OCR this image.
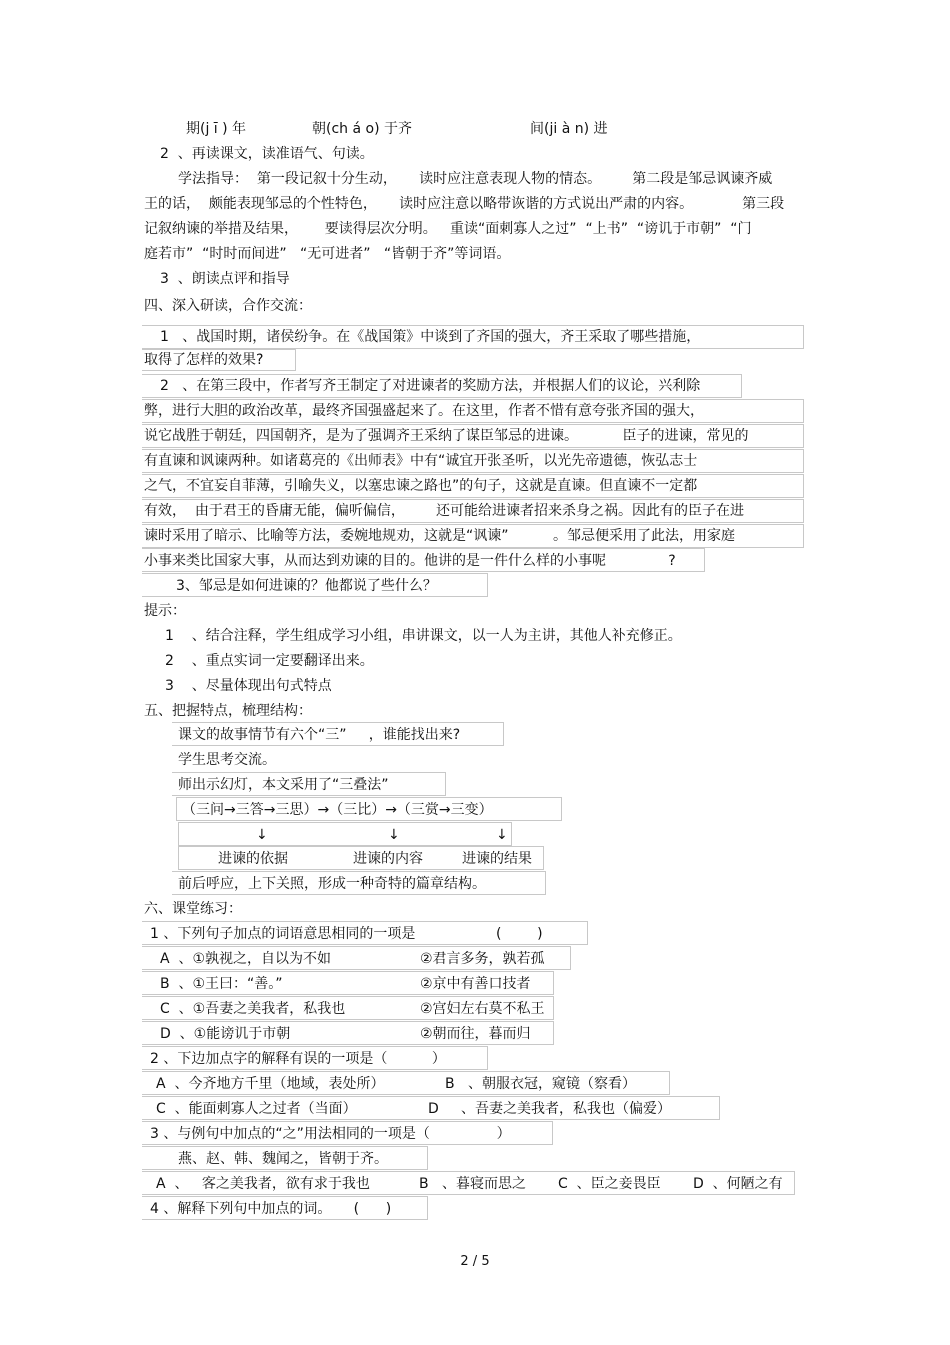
期(j ī ) 年	朝(ch á o) 于齐	间(ji à n) 进
2  、再读课文，读准语气、句读。
学法指导：  第一段记叙十分生动，     读时应注意表现人物的情态。       第二段是邹忌讽谏齐威
王的话，  颇能表现邹忌的个性特色，     读时应注意以略带诙谐的方式说出严肃的内容。           第三段
记叙纳谏的举措及结果，      要读得层次分明。   重读“面刺寡人之过”  “上书”  “谤讥于市朝”  “门
庭若市”  “时时而间进”   “无可进者”   “皆朝于齐”等词语。
3  、朗读点评和指导
四、深入研读，合作交流：
1   、战国时期，诸侯纷争。在《战国策》中谈到了齐国的强大，齐王采取了哪些措施，
取得了怎样的效果?
2   、在第三段中，作者写齐王制定了对进谏者的奖励方法，并根据人们的议论，兴利除
弊，进行大胆的政治改革，最终齐国强盛起来了。在这里，作者不惜有意夸张齐国的强大，
说它战胜于朝廷，四国朝齐，是为了强调齐王采纳了谋臣邹忌的进谏。          臣子的进谏，常见的
有直谏和讽谏两种。如诸葛亮的《出师表》中有“诚宜开张圣听，以光先帝遗德，恢弘志士
之气，不宜妄自菲薄，引喻失义，以塞忠谏之路也”的句子，这就是直谏。但直谏不一定都
有效，  由于君王的昏庸无能，偏听偏信，       还可能给进谏者招来杀身之祸。因此有的臣子在进
谏时采用了暗示、比喻等方法，委婉地规劝，这就是“讽谏”          。邹忌便采用了此法，用家庭
小事来类比国家大事，从而达到劝谏的目的。他讲的是一件什么样的小事呢              ?
3、邹忌是如何进谏的？他都说了些什么？
提示：
1    、结合注释，学生组成学习小组，串讲课文，以一人为主讲，其他人补充修正。
2    、重点实词一定要翻译出来。
3    、尽量体现出句式特点
五、把握特点，梳理结构：
课文的故事情节有六个“三”     ，谁能找出来?
学生思考交流。
师出示幻灯，本文采用了“三叠法”
（三问→三答→三思）→（三比）→（三赏→三变）
↓	↓	↓
进谏的依据	进谏的内容	进谏的结果
前后呼应，上下关照，形成一种奇特的篇章结构。
六、课堂练习：
1 、下列句子加点的词语意思相同的一项是	(        )
A  、①孰视之，自以为不如	②君言多务，孰若孤
B  、①王曰：“善。”	②京中有善口技者
C  、①吾妻之美我者，私我也	②宫妇左右莫不私王
D  、①能谤讥于市朝	②朝而往，暮而归
2 、下边加点字的解释有误的一项是（          ）
A  、今齐地方千里（地域，表处所）	B   、朝服衣冠，窥镜（察看）
C  、能面刺寡人之过者（当面）	D     、吾妻之美我者，私我也（偏爱）
3 、与例句中加点的“之”用法相同的一项是（               ）
燕、赵、韩、魏闻之，皆朝于齐。
A  、   客之美我者，欲有求于我也	B   、暮寝而思之 C  、臣之妾畏臣 D  、何陋之有
4 、解释下列句中加点的词。     (      )
2 / 5
